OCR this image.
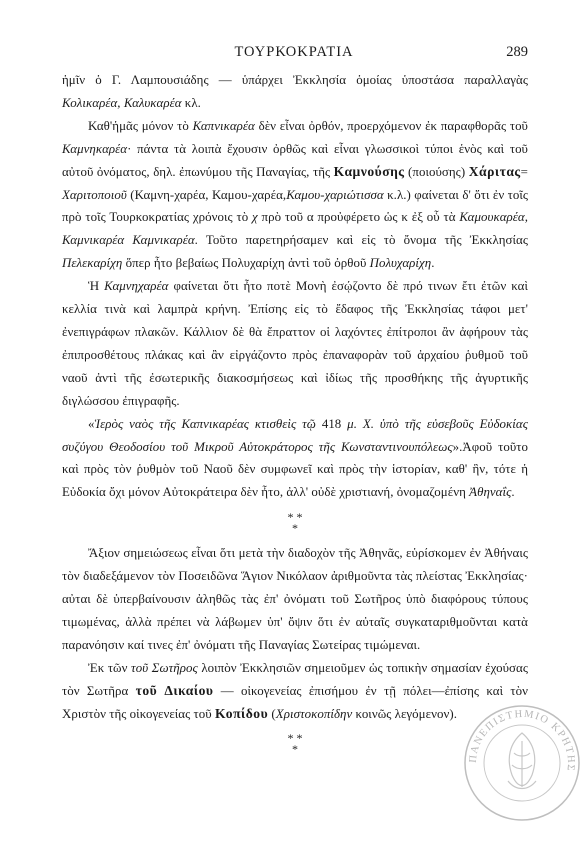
ΤΟΥΡΚΟΚΡΑΤΙΑ	289

ἡμῖν ὁ Γ. Λαμπουσιάδης — ὑπάρχει Ἐκκλησία ὁμοίας ὑποστάσα παραλλαγὰς Κολικαρέα, Καλυκαρέα κλ.

Καθ'ἡμᾶς μόνον τὸ Καπνικαρέα δὲν εἶναι ὀρθόν, προερχόμενον ἐκ παραφθορᾶς τοῦ Καμνηκαρέα· πάντα τὰ λοιπὰ ἔχουσιν ὀρθῶς καὶ εἶναι γλωσσικοὶ τύποι ἑνὸς καὶ τοῦ αὐτοῦ ὀνόματος, δηλ. ἐπωνύμου τῆς Παναγίας, τῆς Καμνούσης (ποιούσης) Χάριτας= Χαριτοποιοῦ (Καμνη-χαρέα, Καμου-χαρέα,Καμου-χαριώτισσα κ.λ.) φαίνεται δ' ὅτι ἐν τοῖς πρὸ τοῖς Τουρκοκρατίας χρόνοις τὸ χ πρὸ τοῦ α προὐφέρετο ὡς κ ἐξ οὗ τὰ Καμουκαρέα, Καμνικαρέα Καμνικαρέα. Τοῦτο παρετηρήσαμεν καὶ εἰς τὸ ὄνομα τῆς Ἐκκλησίας Πελεκαρίχη ὅπερ ἦτο βεβαίως Πολυχαρίχη ἀντὶ τοῦ ὀρθοῦ Πολυχαρίχη.

Ἡ Καμνηχαρέα φαίνεται ὅτι ἦτο ποτὲ Μονὴ ἐσῴζοντο δὲ πρό τινων ἔτι ἐτῶν καὶ κελλία τινὰ καὶ λαμπρὰ κρήνη. Ἐπίσης εἰς τὸ ἔδαφος τῆς Ἐκκλησίας τάφοι μετ' ἐνεπιγράφων πλακῶν. Κάλλιον δὲ θὰ ἔπραττον οἱ λαχόντες ἐπίτροποι ἂν ἀφήρουν τὰς ἐπιπροσθέτους πλάκας καὶ ἂν εἰργάζοντο πρὸς ἐπαναφορὰν τοῦ ἀρχαίου ῥυθμοῦ τοῦ ναοῦ ἀντὶ τῆς ἐσωτερικῆς διακοσμήσεως καὶ ἰδίως τῆς προσθήκης τῆς ἀγυρτικῆς διγλώσσου ἐπιγραφῆς.

«Ἱερὸς ναὸς τῆς Καπνικαρέας κτισθεὶς τῷ 418 μ. Χ. ὑπὸ τῆς εὐσεβοῦς Εὐδοκίας συζύγου Θεοδοσίου τοῦ Μικροῦ Αὐτοκράτορος τῆς Κωνσταντινουπόλεως».Ἀφοῦ τοῦτο καὶ πρὸς τὸν ῥυθμὸν τοῦ Ναοῦ δὲν συμφωνεῖ καὶ πρὸς τὴν ἱστορίαν, καθ' ἣν, τότε ἡ Εὐδοκία ὄχι μόνον Αὐτοκράτειρα δὲν ἦτο, ἀλλ' οὐδὲ χριστιανή, ὀνομαζομένη Ἀθηναΐς.

* *
*

Ἄξιον σημειώσεως εἶναι ὅτι μετὰ τὴν διαδοχὸν τῆς Ἀθηνᾶς, εὑρίσκομεν ἐν Ἀθήναις τὸν διαδεξάμενον τὸν Ποσειδῶνα Ἅγιον Νικόλαον ἀριθμοῦντα τὰς πλείστας Ἐκκλησίας· αὐται δὲ ὑπερβαίνουσιν ἀληθῶς τὰς ἐπ' ὀνόματι τοῦ Σωτῆρος ὑπὸ διαφόρους τύπους τιμωμένας, ἀλλὰ πρέπει νὰ λάβωμεν ὑπ' ὄψιν ὅτι ἐν αὐταῖς συγκαταριθμοῦνται κατὰ παρανόησιν καί τινες ἐπ' ὀνόματι τῆς Παναγίας Σωτείρας τιμώμεναι.

Ἐκ τῶν τοῦ Σωτῆρος λοιπὸν Ἐκκλησιῶν σημειοῦμεν ὡς τοπικὴν σημασίαν ἐχούσας τὸν Σωτῆρα τοῦ Δικαίου — οἰκογενείας ἐπισήμου ἐν τῇ πόλει—ἐπίσης καὶ τὸν Χριστὸν τῆς οἰκογενείας τοῦ Κοπίδου (Χριστοκοπίδην κοινῶς λεγόμενον).

* *
*
ΠΑΝΕΠΙΣΤΗΜΙΟ ΚΡΗΤΗΣ
